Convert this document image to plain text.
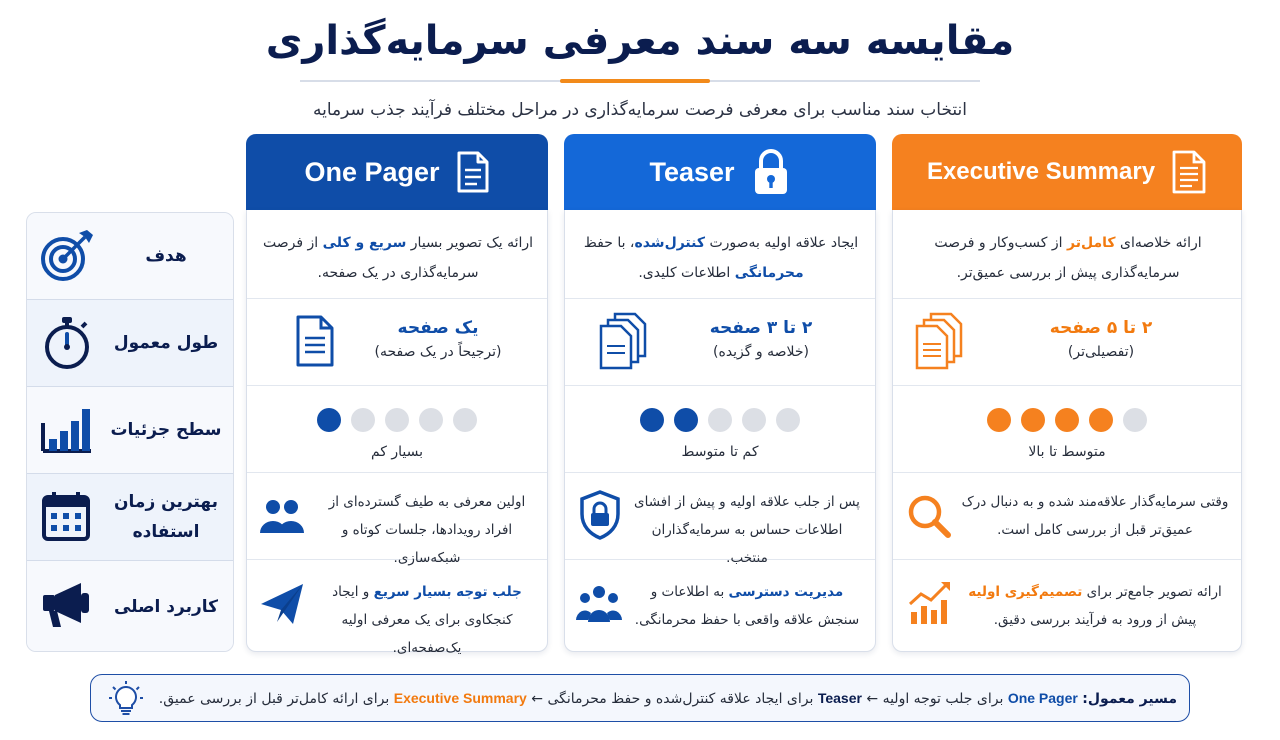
مقایسه سه سند معرفی سرمایه‌گذاری
انتخاب سند مناسب برای معرفی فرصت سرمایه‌گذاری در مراحل مختلف فرآیند جذب سرمایه
One Pager	Teaser	Executive Summary
هدف
طول معمول
سطح جزئیات
بهترین زمان استفاده
کاربرد اصلی
ارائه یک تصویر بسیار سریع و کلی از فرصت سرمایه‌گذاری در یک صفحه.
یک صفحه
(ترجیحاً در یک صفحه)
بسیار کم
اولین معرفی به طیف گسترده‌ای از افراد رویدادها، جلسات کوتاه و شبکه‌سازی.
جلب توجه بسیار سریع و ایجاد کنجکاوی برای یک معرفی اولیه یک‌صفحه‌ای.
ایجاد علاقه اولیه به‌صورت کنترل‌شده، با حفظ محرمانگی اطلاعات کلیدی.
۲ تا ۳ صفحه
(خلاصه و گزیده)
کم تا متوسط
پس از جلب علاقه اولیه و پیش از افشای اطلاعات حساس به سرمایه‌گذاران منتخب.
مدیریت دسترسی به اطلاعات و سنجش علاقه واقعی با حفظ محرمانگی.
ارائه خلاصه‌ای کامل‌تر از کسب‌وکار و فرصت سرمایه‌گذاری پیش از بررسی عمیق‌تر.
۲ تا ۵ صفحه
(تفصیلی‌تر)
متوسط تا بالا
وقتی سرمایه‌گذار علاقه‌مند شده و به دنبال درک عمیق‌تر قبل از بررسی کامل است.
ارائه تصویر جامع‌تر برای تصمیم‌گیری اولیه پیش از ورود به فرآیند بررسی دقیق.
مسیر معمول: One Pager برای جلب توجه اولیه ← Teaser برای ایجاد علاقه کنترل‌شده و حفظ محرمانگی ← Executive Summary برای ارائه کامل‌تر قبل از بررسی عمیق.
